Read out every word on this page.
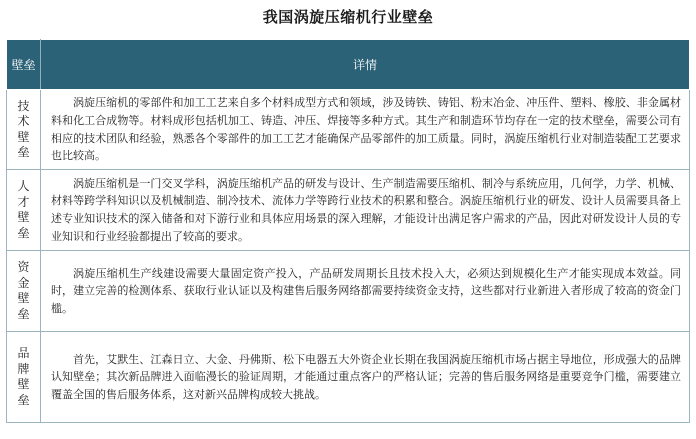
我国涡旋压缩机行业壁垒
壁垒	详情

技
术
壁
垒	涡旋压缩机的零部件和加工工艺来自多个材料成型方式和领域，涉及铸铁、铸铝、粉末冶金、冲压件、塑料、橡胶、非金属材料和化工合成物等。材料成形包括机加工、铸造、冲压、焊接等多种方式。其生产和制造环节均存在一定的技术壁垒，需要公司有相应的技术团队和经验，熟悉各个零部件的加工工艺才能确保产品零部件的加工质量。同时，涡旋压缩机行业对制造装配工艺要求也比较高。

人
才
壁
垒	涡旋压缩机是一门交叉学科，涡旋压缩机产品的研发与设计、生产制造需要压缩机、制冷与系统应用，几何学，力学、机械、材料等跨学科知识以及机械制造、制冷技术、流体力学等跨行业技术的积累和整合。涡旋压缩机行业的研发、设计人员需要具备上述专业知识技术的深入储备和对下游行业和具体应用场景的深入理解，才能设计出满足客户需求的产品，因此对研发设计人员的专业知识和行业经验都提出了较高的要求。

资
金
壁
垒	涡旋压缩机生产线建设需要大量固定资产投入，产品研发周期长且技术投入大，必须达到规模化生产才能实现成本效益。同时，建立完善的检测体系、获取行业认证以及构建售后服务网络都需要持续资金支持，这些都对行业新进入者形成了较高的资金门槛。

品
牌
壁
垒	首先，艾默生、江森日立、大金、丹佛斯、松下电器五大外资企业长期在我国涡旋压缩机市场占据主导地位，形成强大的品牌认知壁垒；其次新品牌进入面临漫长的验证周期，才能通过重点客户的严格认证；完善的售后服务网络是重要竞争门槛，需要建立覆盖全国的售后服务体系，这对新兴品牌构成较大挑战。
